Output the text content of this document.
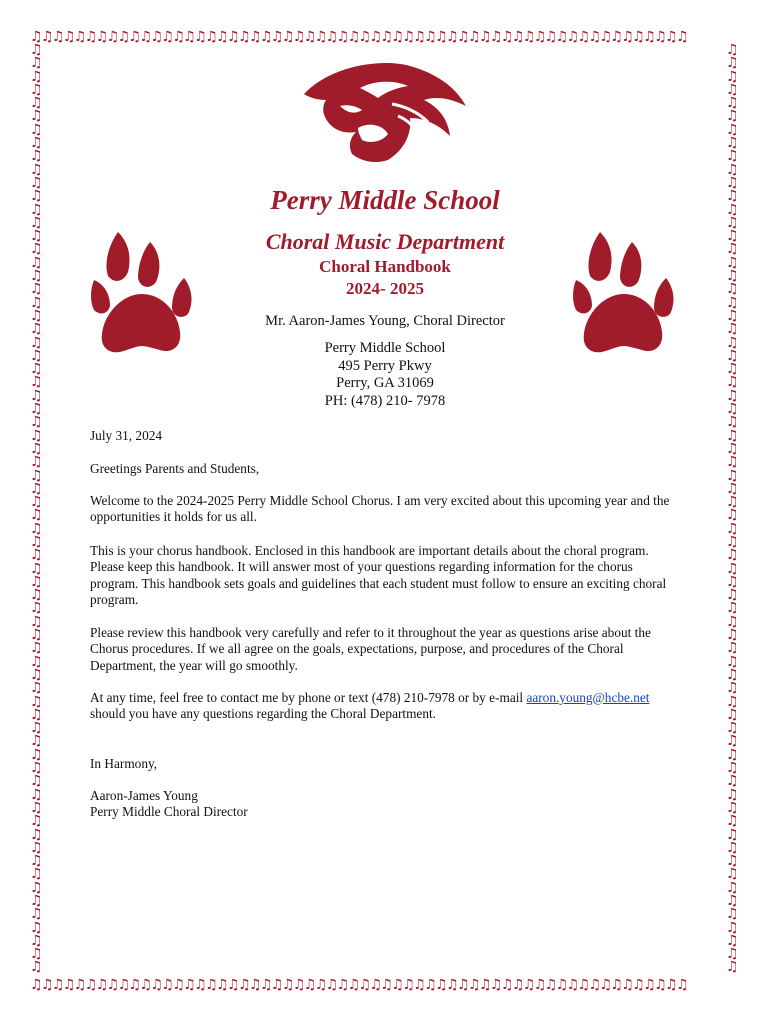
♫♫♫♫♫♫♫♫♫♫♫♫♫♫♫♫♫♫♫♫♫♫♫♫♫♫♫♫♫♫♫♫♫♫♫♫♫♫♫♫♫♫♫♫♫♫♫♫♫♫♫♫♫♫♫♫♫♫♫♫
♫♫♫♫♫♫♫♫♫♫♫♫♫♫♫♫♫♫♫♫♫♫♫♫♫♫♫♫♫♫♫♫♫♫♫♫♫♫♫♫♫♫♫♫♫♫♫♫♫♫♫♫♫♫♫♫♫♫♫♫
♫
♫
♫
♫
♫
♫
♫
♫
♫
♫
♫
♫
♫
♫
♫
♫
♫
♫
♫
♫
♫
♫
♫
♫
♫
♫
♫
♫
♫
♫
♫
♫
♫
♫
♫
♫
♫
♫
♫
♫
♫
♫
♫
♫
♫
♫
♫
♫
♫
♫
♫
♫
♫
♫
♫
♫
♫
♫
♫
♫
♫
♫
♫
♫
♫
♫
♫
♫
♫
♫
♫
♫
♫
♫
♫
♫
♫
♫
♫
♫
♫
♫
♫
♫
♫
♫
♫
♫
♫
♫
♫
♫
♫
♫
♫
♫
♫
♫
♫
♫
♫
♫
♫
♫
♫
♫
♫
♫
♫
♫
♫
♫
♫
♫
♫
♫
♫
♫
♫
♫
♫
♫
♫
♫
♫
♫
♫
♫
♫
♫
♫
♫
♫
♫
♫
♫
♫
♫
♫
♫
Perry Middle School
Choral Music Department
Choral Handbook
2024- 2025
Mr. Aaron-James Young, Choral Director
Perry Middle School
495 Perry Pkwy
Perry, GA 31069
PH: (478) 210- 7978
July 31, 2024
Greetings Parents and Students,
Welcome to the 2024-2025 Perry Middle School Chorus. I am very excited about this upcoming year and the opportunities it holds for us all.
This is your chorus handbook. Enclosed in this handbook are important details about the choral program. Please keep this handbook. It will answer most of your questions regarding information for the chorus program. This handbook sets goals and guidelines that each student must follow to ensure an exciting choral program.
Please review this handbook very carefully and refer to it throughout the year as questions arise about the Chorus procedures. If we all agree on the goals, expectations, purpose, and procedures of the Choral Department, the year will go smoothly.
At any time, feel free to contact me by phone or text (478) 210-7978 or by e-mail aaron.young@hcbe.net should you have any questions regarding the Choral Department.
In Harmony,
Aaron-James Young
Perry Middle Choral Director
